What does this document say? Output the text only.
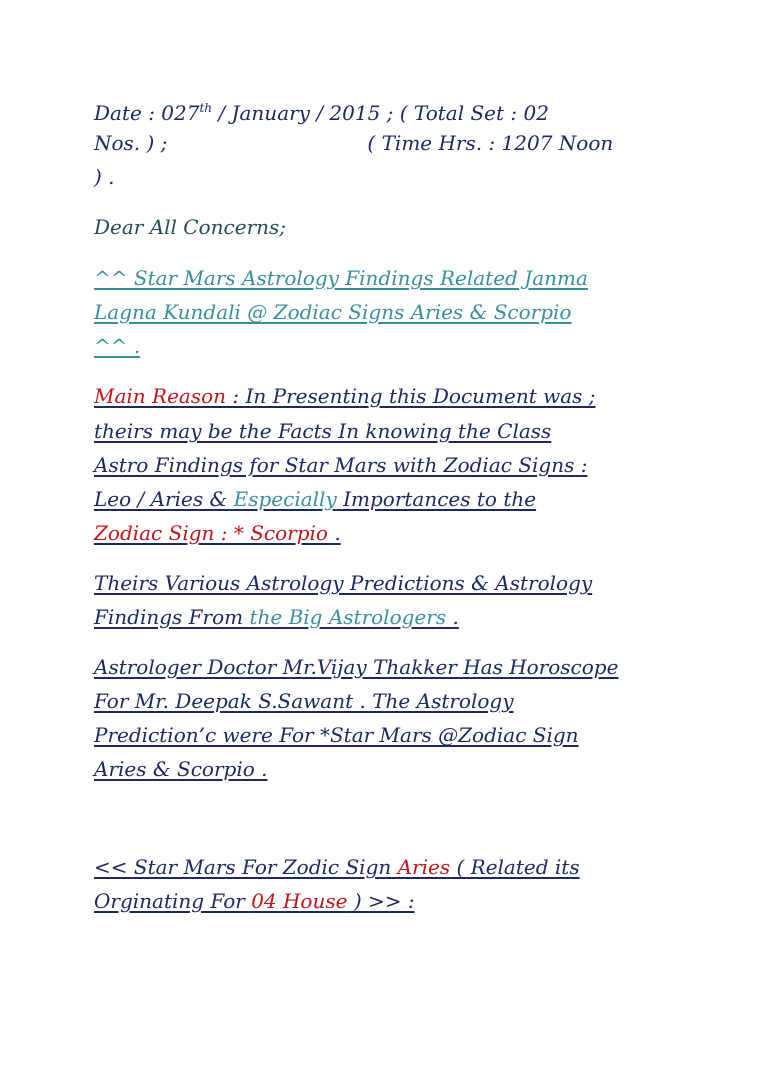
Date : 027th / January / 2015 ; ( Total Set : 02
Nos. ) ;	( Time Hrs. : 1207 Noon
) .
Dear All Concerns;
^^ Star Mars Astrology Findings Related Janma
Lagna Kundali @ Zodiac Signs Aries & Scorpio
^^ .
Main Reason : In Presenting this Document was ;
theirs may be the Facts In knowing the Class
Astro Findings for Star Mars with Zodiac Signs :
Leo / Aries & Especially Importances to the
Zodiac Sign : * Scorpio .
Theirs Various Astrology Predictions & Astrology
Findings From the Big Astrologers .
Astrologer Doctor Mr.Vijay Thakker Has Horoscope
For Mr. Deepak S.Sawant . The Astrology
Prediction’c were For *Star Mars @Zodiac Sign
Aries & Scorpio .
<< Star Mars For Zodic Sign Aries ( Related its
Orginating For 04 House ) >> :
